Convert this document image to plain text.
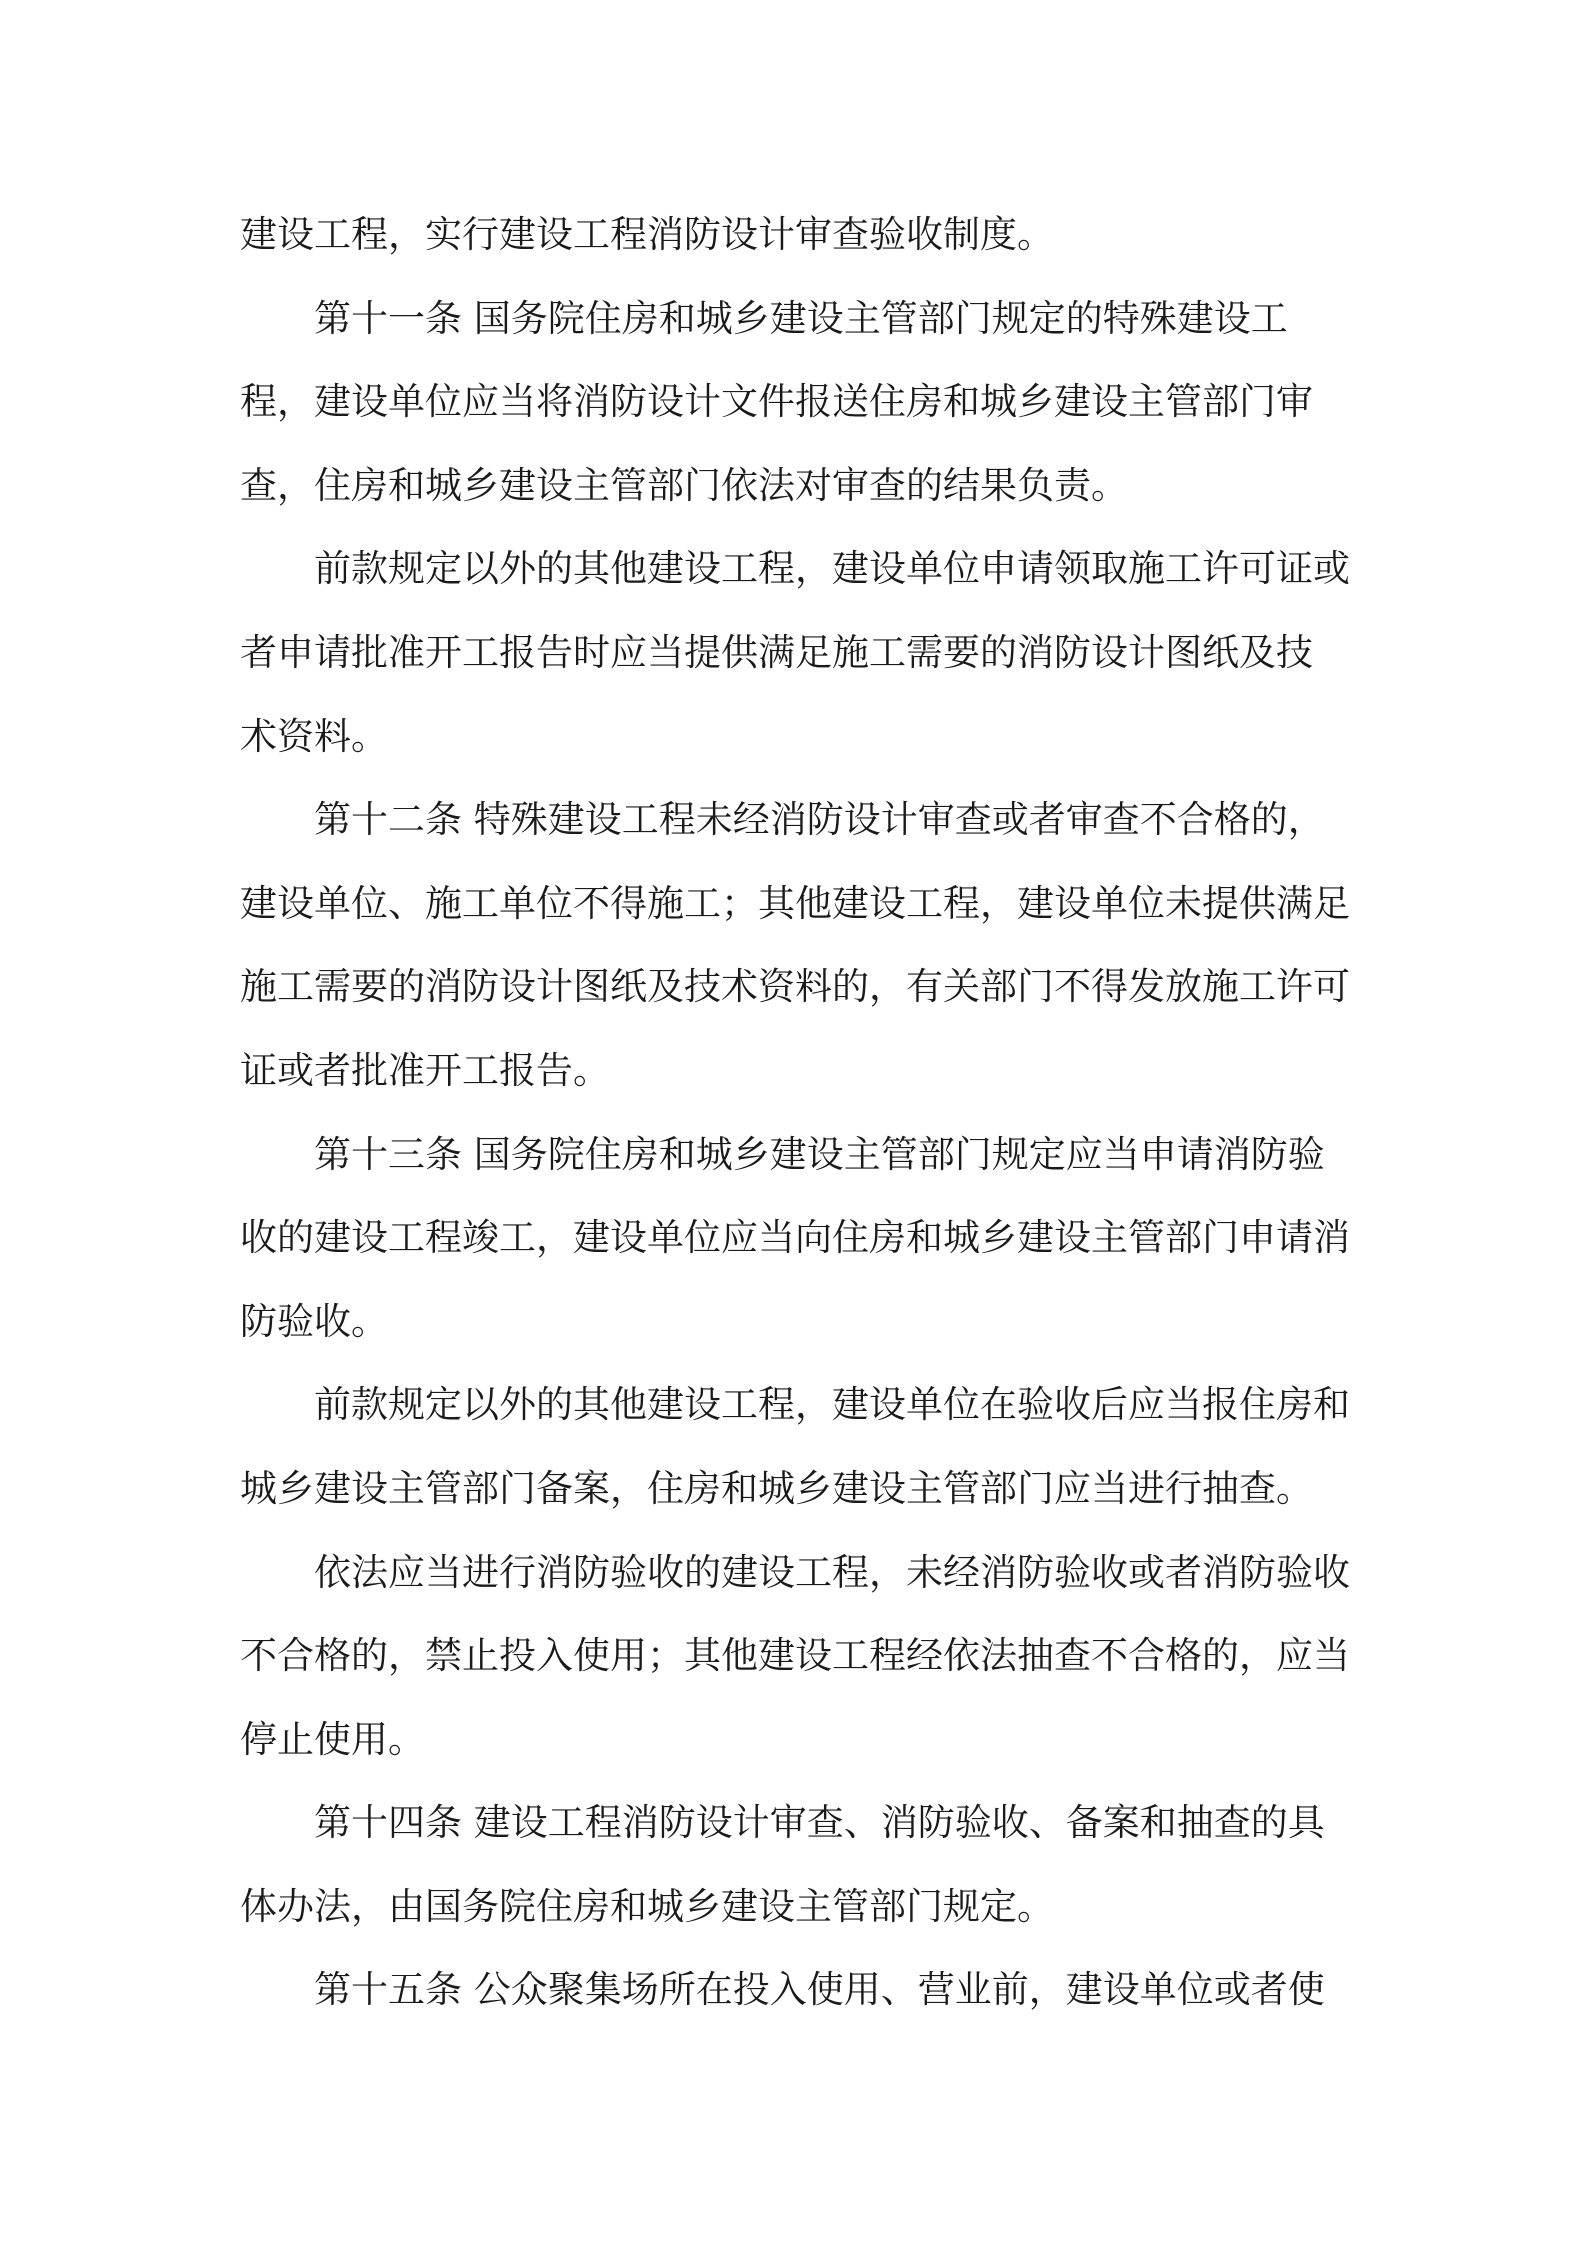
建设工程，实行建设工程消防设计审查验收制度。

第十一条 国务院住房和城乡建设主管部门规定的特殊建设工
程，建设单位应当将消防设计文件报送住房和城乡建设主管部门审
查，住房和城乡建设主管部门依法对审查的结果负责。

前款规定以外的其他建设工程，建设单位申请领取施工许可证或
者申请批准开工报告时应当提供满足施工需要的消防设计图纸及技
术资料。

第十二条 特殊建设工程未经消防设计审查或者审查不合格的，
建设单位、施工单位不得施工；其他建设工程，建设单位未提供满足
施工需要的消防设计图纸及技术资料的，有关部门不得发放施工许可
证或者批准开工报告。

第十三条 国务院住房和城乡建设主管部门规定应当申请消防验
收的建设工程竣工，建设单位应当向住房和城乡建设主管部门申请消
防验收。

前款规定以外的其他建设工程，建设单位在验收后应当报住房和
城乡建设主管部门备案，住房和城乡建设主管部门应当进行抽查。

依法应当进行消防验收的建设工程，未经消防验收或者消防验收
不合格的，禁止投入使用；其他建设工程经依法抽查不合格的，应当
停止使用。

第十四条 建设工程消防设计审查、消防验收、备案和抽查的具
体办法，由国务院住房和城乡建设主管部门规定。

第十五条 公众聚集场所在投入使用、营业前，建设单位或者使
